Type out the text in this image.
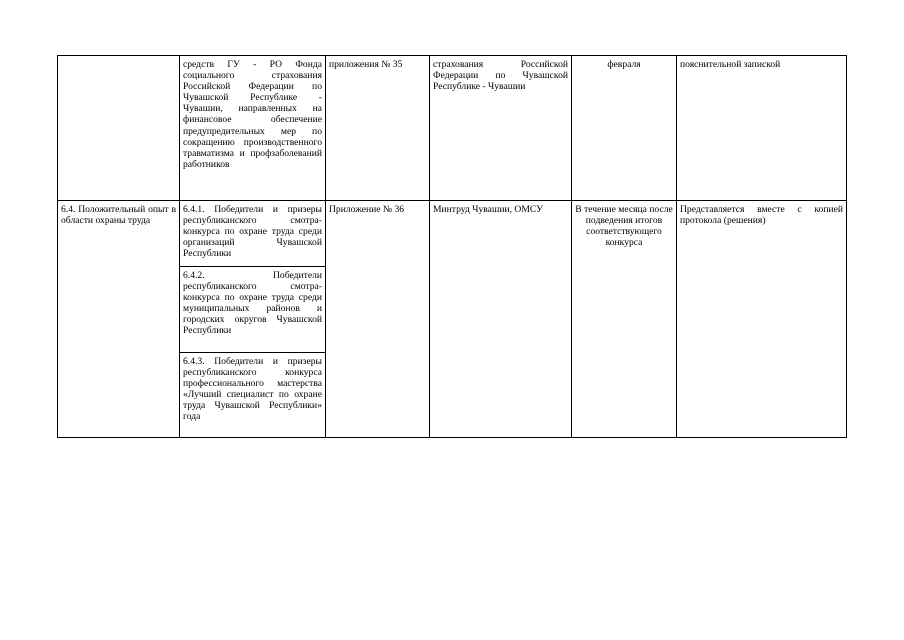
	средств ГУ - РО Фонда социального страхования Российской Федерации по Чувашской Республике - Чувашии, направленных на финансовое обеспечение предупредительных мер по сокращению производственного травматизма и профзаболеваний работников	приложения № 35	страхования Российской Федерации по Чувашской Республике - Чувашии	февраля	пояснительной запиской
6.4. Положительный опыт в области охраны труда	6.4.1. Победители и призеры республиканского смотра-конкурса по охране труда среди организаций Чувашской Республики	Приложение № 36	Минтруд Чувашии, ОМСУ	В течение месяца после подведения итогов соответствующего конкурса	Представляется вместе с копией протокола (решения)
	6.4.2. Победители республиканского смотра-конкурса по охране труда среди муниципальных районов и городских округов Чувашской Республики				
	6.4.3. Победители и призеры республиканского конкурса профессионального мастерства «Лучший специалист по охране труда Чувашской Республики» года				
